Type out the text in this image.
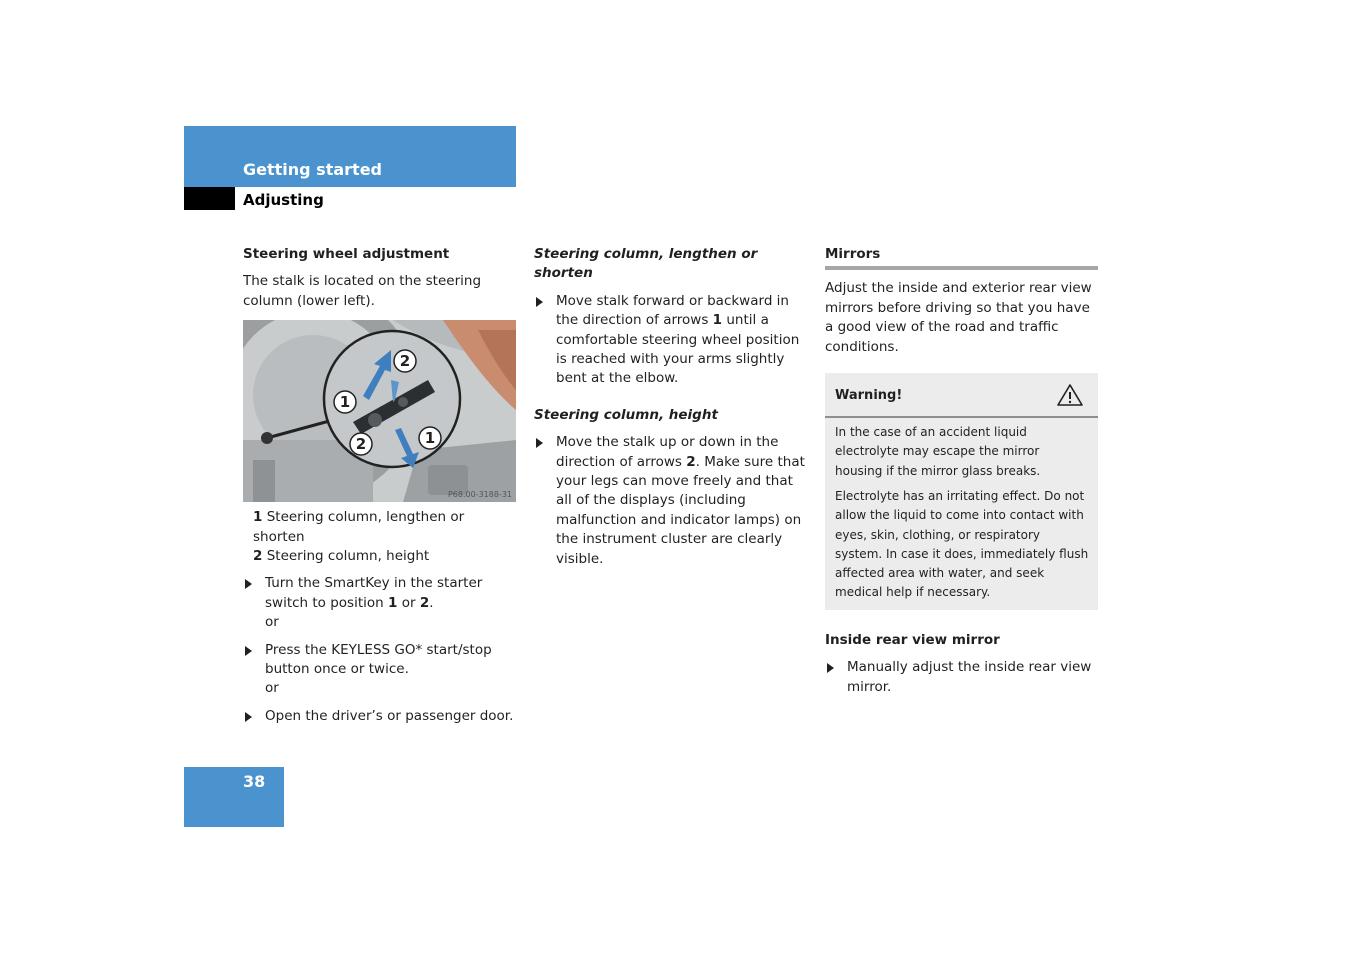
Getting started
Adjusting
Steering wheel adjustment

The stalk is located on the steering column (lower left).

2
1
2	1
P68.00-3188-31
1 Steering column, lengthen or shorten
2 Steering column, height
Turn the SmartKey in the starter switch to position 1 or 2.
or
Press the KEYLESS GO* start/stop button once or twice.
or
Open the driver’s or passenger door.
Steering column, lengthen or shorten
Move stalk forward or backward in the direction of arrows 1 until a comfortable steering wheel position is reached with your arms slightly bent at the elbow.
Steering column, height
Move the stalk up or down in the direction of arrows 2. Make sure that your legs can move freely and that all of the displays (including malfunction and indicator lamps) on the instrument cluster are clearly visible.
Mirrors

Adjust the inside and exterior rear view mirrors before driving so that you have a good view of the road and traffic conditions.

Warning!

In the case of an accident liquid electrolyte may escape the mirror housing if the mirror glass breaks.

Electrolyte has an irritating effect. Do not allow the liquid to come into contact with eyes, skin, clothing, or respiratory system. In case it does, immediately flush affected area with water, and seek medical help if necessary.

Inside rear view mirror
Manually adjust the inside rear view mirror.
38
